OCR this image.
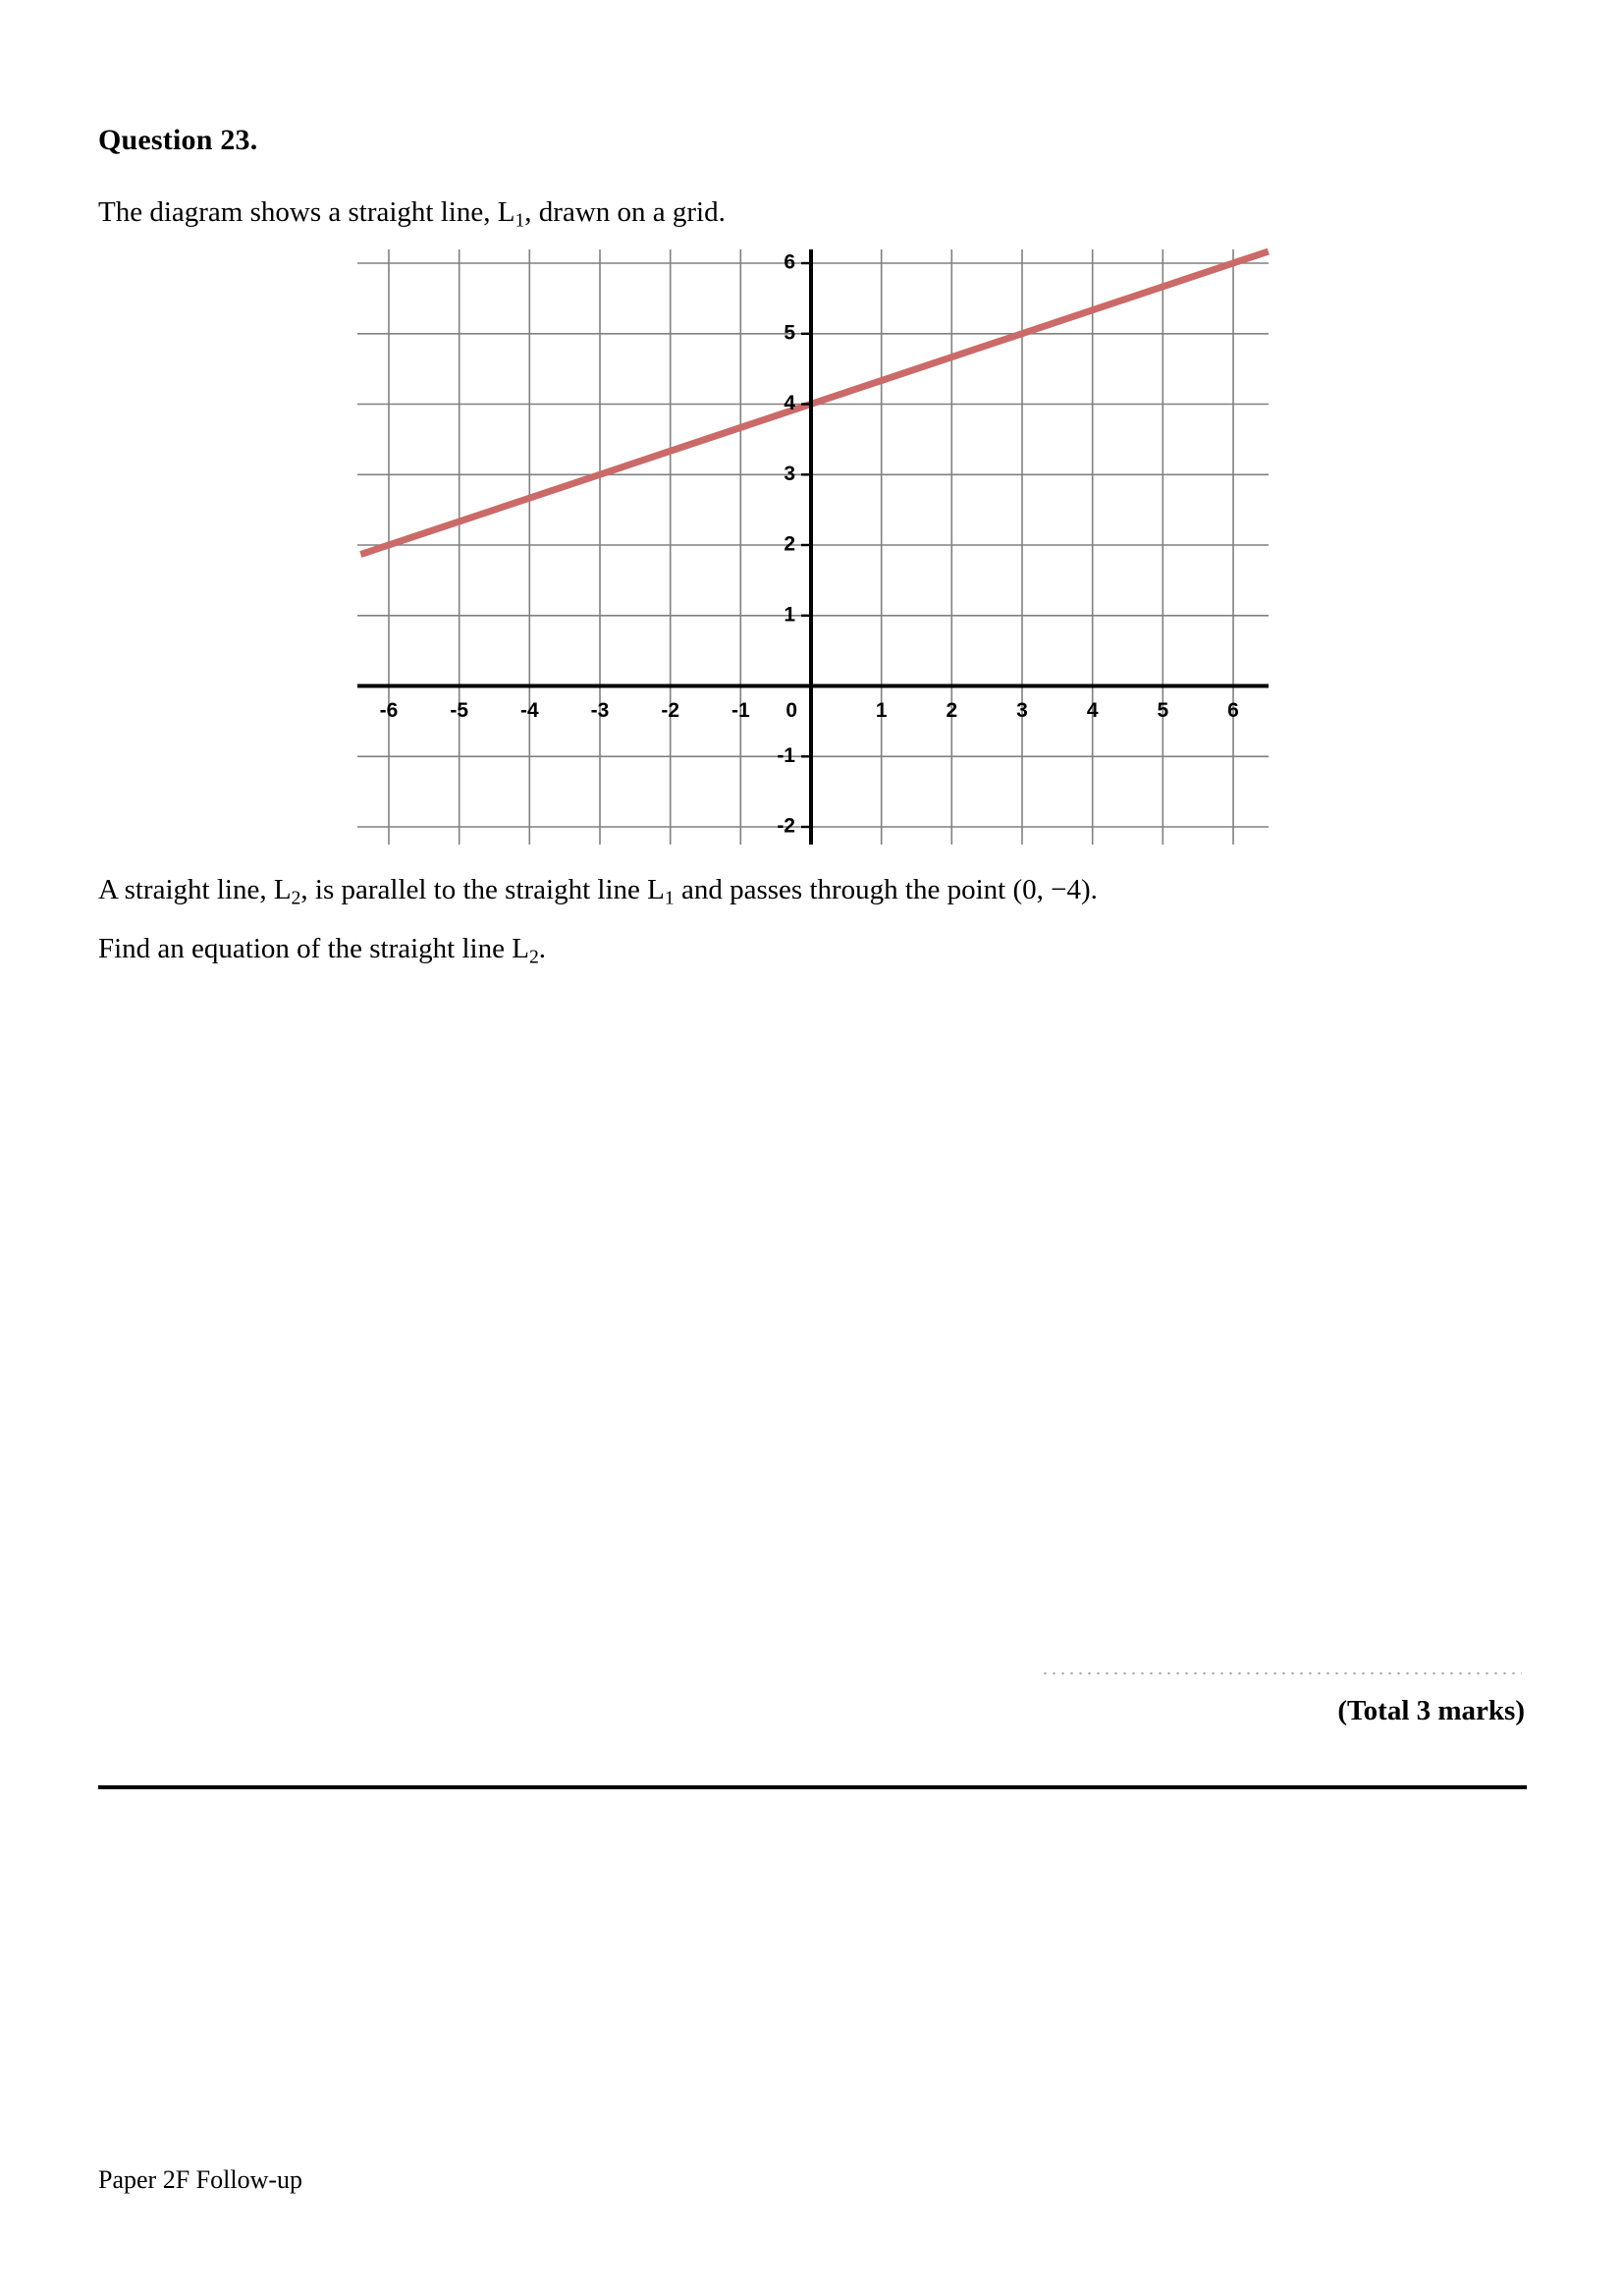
Question 23.
The diagram shows a straight line, $L_1$, drawn on a grid.
6
5
4
3
2
1
-1
-2
0
-6	-5	-4	-3	-2	-1	1	2	3	4	5	6
A straight line, $L_2$, is parallel to the straight line $L_1$ and passes through the point (0, −4).
Find an equation of the straight line $L_2$.
(Total 3 marks)
Paper 2F Follow-up
